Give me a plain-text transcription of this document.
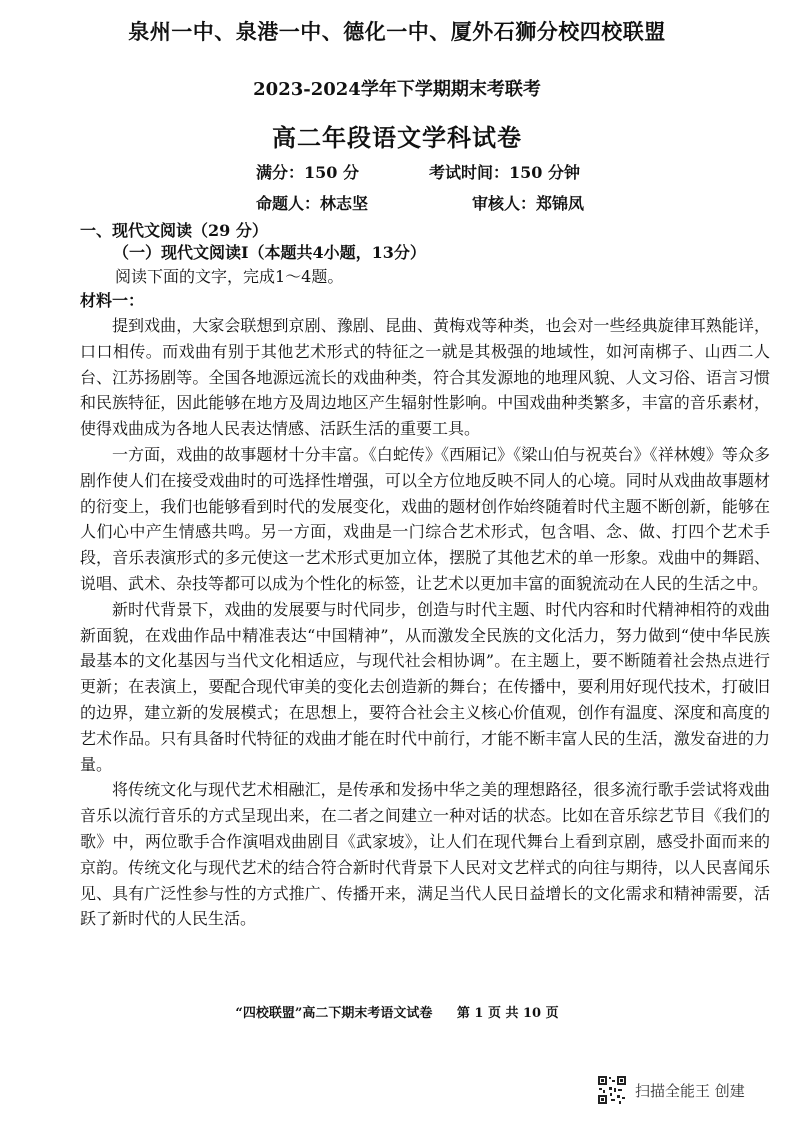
泉州一中、泉港一中、德化一中、厦外石狮分校四校联盟
2023-2024学年下学期期末考联考
高二年段语文学科试卷
满分：150 分	考试时间：150 分钟
命题人：林志坚	审核人：郑锦凤
一、现代文阅读（29 分）
（一）现代文阅读Ⅰ（本题共4小题，13分）
阅读下面的文字，完成1～4题。
材料一：

提到戏曲，大家会联想到京剧、豫剧、昆曲、黄梅戏等种类，也会对一些经典旋律耳熟能详，口口相传。而戏曲有别于其他艺术形式的特征之一就是其极强的地域性，如河南梆子、山西二人台、江苏扬剧等。全国各地源远流长的戏曲种类，符合其发源地的地理风貌、人文习俗、语言习惯和民族特征，因此能够在地方及周边地区产生辐射性影响。中国戏曲种类繁多，丰富的音乐素材，使得戏曲成为各地人民表达情感、活跃生活的重要工具。

一方面，戏曲的故事题材十分丰富。《白蛇传》《西厢记》《梁山伯与祝英台》《祥林嫂》等众多剧作使人们在接受戏曲时的可选择性增强，可以全方位地反映不同人的心境。同时从戏曲故事题材的衍变上，我们也能够看到时代的发展变化，戏曲的题材创作始终随着时代主题不断创新，能够在人们心中产生情感共鸣。另一方面，戏曲是一门综合艺术形式，包含唱、念、做、打四个艺术手段，音乐表演形式的多元使这一艺术形式更加立体，摆脱了其他艺术的单一形象。戏曲中的舞蹈、说唱、武术、杂技等都可以成为个性化的标签，让艺术以更加丰富的面貌流动在人民的生活之中。

新时代背景下，戏曲的发展要与时代同步，创造与时代主题、时代内容和时代精神相符的戏曲新面貌，在戏曲作品中精准表达“中国精神”，从而激发全民族的文化活力，努力做到“使中华民族最基本的文化基因与当代文化相适应，与现代社会相协调”。在主题上，要不断随着社会热点进行更新；在表演上，要配合现代审美的变化去创造新的舞台；在传播中，要利用好现代技术，打破旧的边界，建立新的发展模式；在思想上，要符合社会主义核心价值观，创作有温度、深度和高度的艺术作品。只有具备时代特征的戏曲才能在时代中前行，才能不断丰富人民的生活，激发奋进的力量。

将传统文化与现代艺术相融汇，是传承和发扬中华之美的理想路径，很多流行歌手尝试将戏曲音乐以流行音乐的方式呈现出来，在二者之间建立一种对话的状态。比如在音乐综艺节目《我们的歌》中，两位歌手合作演唱戏曲剧目《武家坡》，让人们在现代舞台上看到京剧，感受扑面而来的京韵。传统文化与现代艺术的结合符合新时代背景下人民对文艺样式的向往与期待，以人民喜闻乐见、具有广泛性参与性的方式推广、传播开来，满足当代人民日益增长的文化需求和精神需要，活跃了新时代的人民生活。

“四校联盟”高二下期末考语文试卷 第 1 页 共 10 页
扫描全能王 创建
